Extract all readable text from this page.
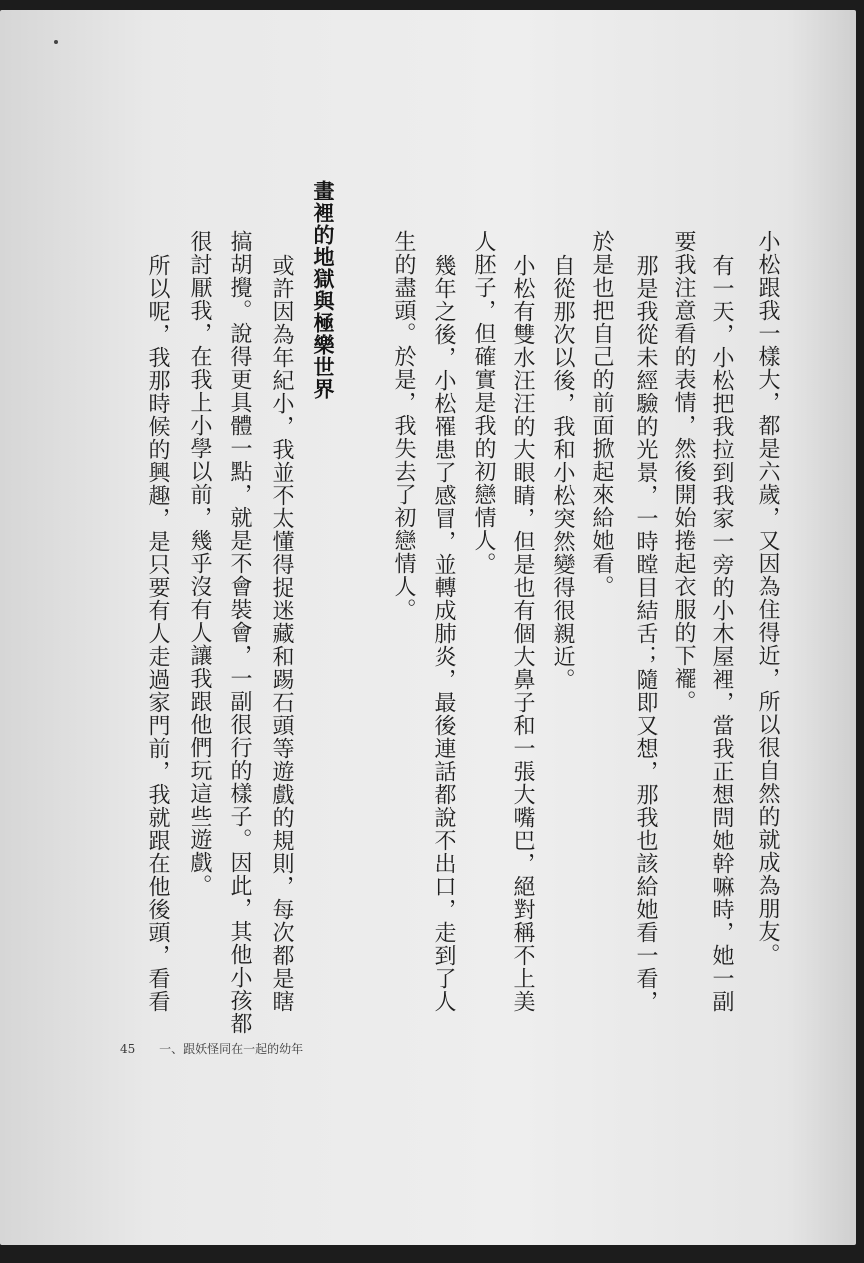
小松跟我一樣大，都是六歲，又因為住得近，所以很自然的就成為朋友。
有一天，小松把我拉到我家一旁的小木屋裡，當我正想問她幹嘛時，她一副
要我注意看的表情，然後開始捲起衣服的下襬。
那是我從未經驗的光景，一時瞠目結舌；隨即又想，那我也該給她看一看，
於是也把自己的前面掀起來給她看。
自從那次以後，我和小松突然變得很親近。
小松有雙水汪汪的大眼睛，但是也有個大鼻子和一張大嘴巴，絕對稱不上美
人胚子，但確實是我的初戀情人。
幾年之後，小松罹患了感冒，並轉成肺炎，最後連話都說不出口，走到了人
生的盡頭。於是，我失去了初戀情人。
畫裡的地獄與極樂世界
或許因為年紀小，我並不太懂得捉迷藏和踢石頭等遊戲的規則，每次都是瞎
搞胡攪。說得更具體一點，就是不會裝會，一副很行的樣子。因此，其他小孩都
很討厭我，在我上小學以前，幾乎沒有人讓我跟他們玩這些遊戲。
所以呢，我那時候的興趣，是只要有人走過家門前，我就跟在他後頭，看看
45 一、跟妖怪同在一起的幼年
